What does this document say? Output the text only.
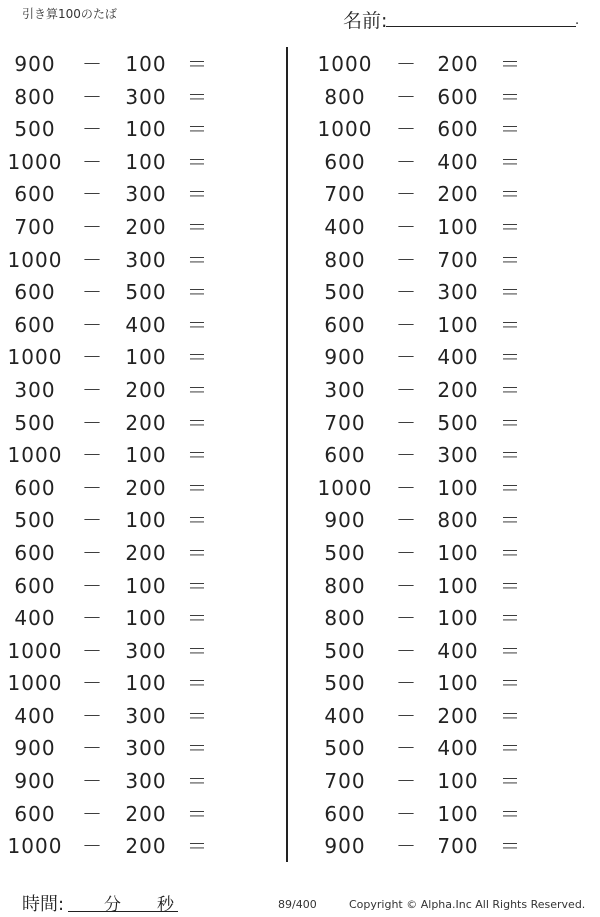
引き算100のたば	名前:	.
900	－	100	＝
800	－	300	＝
500	－	100	＝
1000 －	100	＝
600	－	300	＝
700	－	200	＝
1000 －	300	＝
600	－	500	＝
600	－	400	＝
1000 －	100	＝
300	－	200	＝
500	－	200	＝
1000 －	100	＝
600	－	200	＝
500	－	100	＝
600	－	200	＝
600	－	100	＝
400	－	100	＝
1000 －	300	＝
1000 －	100	＝
400	－	300	＝
900	－	300	＝
900	－	300	＝
600	－	200	＝
1000 －	200	＝
1000	－	200	＝
800	－	600	＝
1000	－	600	＝
600	－	400	＝
700	－	200	＝
400	－	100	＝
800	－	700	＝
500	－	300	＝
600	－	100	＝
900	－	400	＝
300	－	200	＝
700	－	500	＝
600	－	300	＝
1000	－	100	＝
900	－	800	＝
500	－	100	＝
800	－	100	＝
800	－	100	＝
500	－	400	＝
500	－	100	＝
400	－	200	＝
500	－	400	＝
700	－	100	＝
600	－	100	＝
900	－	700	＝
時間: 分 秒	89/400	Copyright © Alpha.Inc All Rights Reserved.
